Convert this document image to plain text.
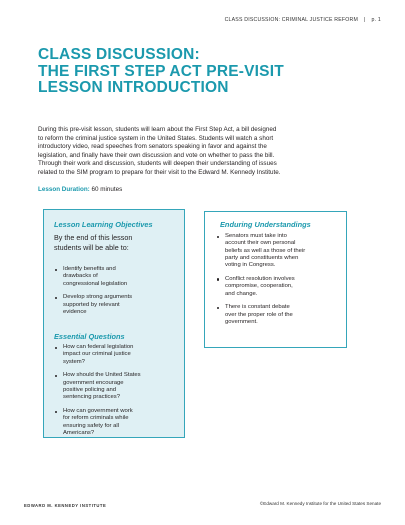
CLASS DISCUSSION: CRIMINAL JUSTICE REFORM | p. 1
CLASS DISCUSSION:
THE FIRST STEP ACT PRE-VISIT
LESSON INTRODUCTION
During this pre-visit lesson, students will learn about the First Step Act, a bill designed
to reform the criminal justice system in the United States. Students will watch a short
introductory video, read speeches from senators speaking in favor and against the
legislation, and finally have their own discussion and vote on whether to pass the bill.
Through their work and discussion, students will deepen their understanding of issues
related to the SIM program to prepare for their visit to the Edward M. Kennedy Institute.
Lesson Duration: 60 minutes
Lesson Learning Objectives
By the end of this lesson
students will be able to:
Identify benefits and
drawbacks of
congressional legislation
Develop strong arguments
supported by relevant
evidence
Essential Questions
How can federal legislation
impact our criminal justice
system?
How should the United States
government encourage
positive policing and
sentencing practices?
How can government work
for reform criminals while
ensuring safety for all
Americans?
Enduring Understandings
Senators must take into
account their own personal
beliefs as well as those of their
party and constituents when
voting in Congress.
Conflict resolution involves
compromise, cooperation,
and change.
There is constant debate
over the proper role of the
government.
EDWARD M. KENNEDY INSTITUTE	©Edward M. Kennedy Institute for the United States Senate
